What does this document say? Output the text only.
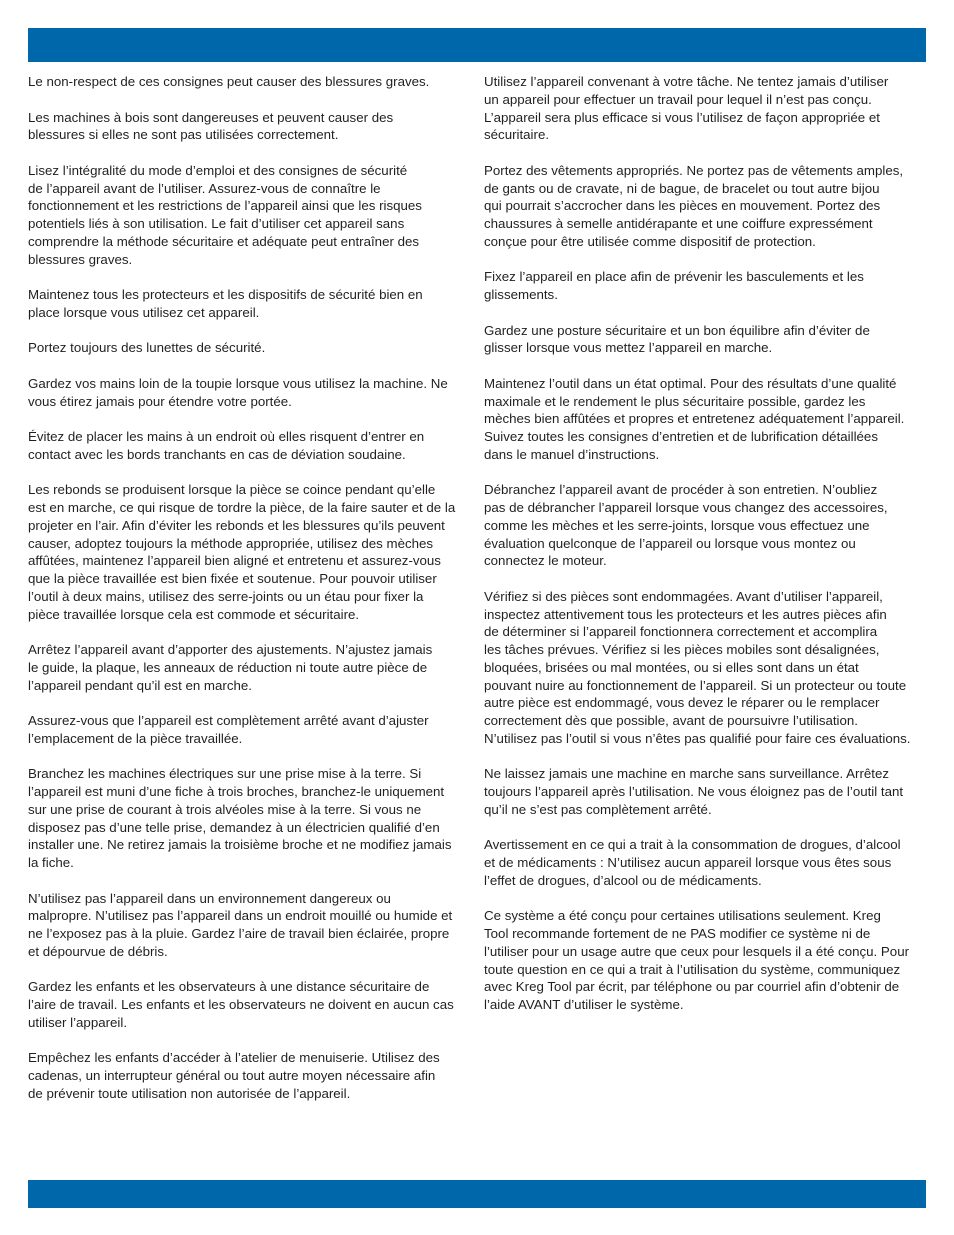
Le non-respect de ces consignes peut causer des blessures graves.

Les machines à bois sont dangereuses et peuvent causer des
blessures si elles ne sont pas utilisées correctement.

Lisez l’intégralité du mode d’emploi et des consignes de sécurité
de l’appareil avant de l’utiliser. Assurez-vous de connaître le
fonctionnement et les restrictions de l’appareil ainsi que les risques
potentiels liés à son utilisation. Le fait d’utiliser cet appareil sans
comprendre la méthode sécuritaire et adéquate peut entraîner des
blessures graves.

Maintenez tous les protecteurs et les dispositifs de sécurité bien en
place lorsque vous utilisez cet appareil.

Portez toujours des lunettes de sécurité.

Gardez vos mains loin de la toupie lorsque vous utilisez la machine. Ne
vous étirez jamais pour étendre votre portée.

Évitez de placer les mains à un endroit où elles risquent d’entrer en
contact avec les bords tranchants en cas de déviation soudaine.

Les rebonds se produisent lorsque la pièce se coince pendant qu’elle
est en marche, ce qui risque de tordre la pièce, de la faire sauter et de la
projeter en l’air. Afin d’éviter les rebonds et les blessures qu’ils peuvent
causer, adoptez toujours la méthode appropriée, utilisez des mèches
affûtées, maintenez l’appareil bien aligné et entretenu et assurez-vous
que la pièce travaillée est bien fixée et soutenue. Pour pouvoir utiliser
l’outil à deux mains, utilisez des serre-joints ou un étau pour fixer la
pièce travaillée lorsque cela est commode et sécuritaire.

Arrêtez l’appareil avant d’apporter des ajustements. N’ajustez jamais
le guide, la plaque, les anneaux de réduction ni toute autre pièce de
l’appareil pendant qu’il est en marche.

Assurez-vous que l’appareil est complètement arrêté avant d’ajuster
l’emplacement de la pièce travaillée.

Branchez les machines électriques sur une prise mise à la terre. Si
l’appareil est muni d’une fiche à trois broches, branchez-le uniquement
sur une prise de courant à trois alvéoles mise à la terre. Si vous ne
disposez pas d’une telle prise, demandez à un électricien qualifié d’en
installer une. Ne retirez jamais la troisième broche et ne modifiez jamais
la fiche.

N’utilisez pas l’appareil dans un environnement dangereux ou
malpropre. N’utilisez pas l’appareil dans un endroit mouillé ou humide et
ne l’exposez pas à la pluie. Gardez l’aire de travail bien éclairée, propre
et dépourvue de débris.

Gardez les enfants et les observateurs à une distance sécuritaire de
l’aire de travail. Les enfants et les observateurs ne doivent en aucun cas
utiliser l’appareil.

Empêchez les enfants d’accéder à l’atelier de menuiserie. Utilisez des
cadenas, un interrupteur général ou tout autre moyen nécessaire afin
de prévenir toute utilisation non autorisée de l’appareil.

Utilisez l’appareil convenant à votre tâche. Ne tentez jamais d’utiliser
un appareil pour effectuer un travail pour lequel il n’est pas conçu.
L’appareil sera plus efficace si vous l’utilisez de façon appropriée et
sécuritaire.

Portez des vêtements appropriés. Ne portez pas de vêtements amples,
de gants ou de cravate, ni de bague, de bracelet ou tout autre bijou
qui pourrait s’accrocher dans les pièces en mouvement. Portez des
chaussures à semelle antidérapante et une coiffure expressément
conçue pour être utilisée comme dispositif de protection.

Fixez l’appareil en place afin de prévenir les basculements et les
glissements.

Gardez une posture sécuritaire et un bon équilibre afin d’éviter de
glisser lorsque vous mettez l’appareil en marche.

Maintenez l’outil dans un état optimal. Pour des résultats d’une qualité
maximale et le rendement le plus sécuritaire possible, gardez les
mèches bien affûtées et propres et entretenez adéquatement l’appareil.
Suivez toutes les consignes d’entretien et de lubrification détaillées
dans le manuel d’instructions.

Débranchez l’appareil avant de procéder à son entretien. N’oubliez
pas de débrancher l’appareil lorsque vous changez des accessoires,
comme les mèches et les serre-joints, lorsque vous effectuez une
évaluation quelconque de l’appareil ou lorsque vous montez ou
connectez le moteur.

Vérifiez si des pièces sont endommagées. Avant d’utiliser l’appareil,
inspectez attentivement tous les protecteurs et les autres pièces afin
de déterminer si l’appareil fonctionnera correctement et accomplira
les tâches prévues. Vérifiez si les pièces mobiles sont désalignées,
bloquées, brisées ou mal montées, ou si elles sont dans un état
pouvant nuire au fonctionnement de l’appareil. Si un protecteur ou toute
autre pièce est endommagé, vous devez le réparer ou le remplacer
correctement dès que possible, avant de poursuivre l’utilisation.
N’utilisez pas l’outil si vous n’êtes pas qualifié pour faire ces évaluations.

Ne laissez jamais une machine en marche sans surveillance. Arrêtez
toujours l’appareil après l’utilisation. Ne vous éloignez pas de l’outil tant
qu’il ne s’est pas complètement arrêté.

Avertissement en ce qui a trait à la consommation de drogues, d’alcool
et de médicaments : N’utilisez aucun appareil lorsque vous êtes sous
l’effet de drogues, d’alcool ou de médicaments.

Ce système a été conçu pour certaines utilisations seulement. Kreg
Tool recommande fortement de ne PAS modifier ce système ni de
l’utiliser pour un usage autre que ceux pour lesquels il a été conçu. Pour
toute question en ce qui a trait à l’utilisation du système, communiquez
avec Kreg Tool par écrit, par téléphone ou par courriel afin d’obtenir de
l’aide AVANT d’utiliser le système.
